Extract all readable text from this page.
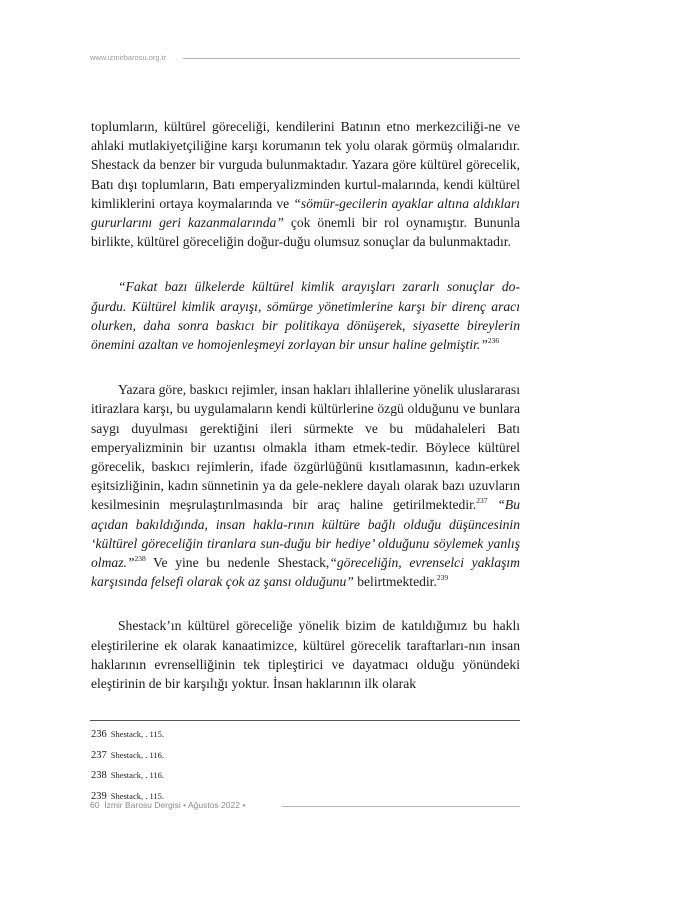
www.izmirbarosu.org.tr

toplumların, kültürel göreceliği, kendilerini Batının etno merkezciliği-ne ve ahlaki mutlakiyetçiliğine karşı korumanın tek yolu olarak görmüş olmalarıdır. Shestack da benzer bir vurguda bulunmaktadır. Yazara göre kültürel görecelik, Batı dışı toplumların, Batı emperyalizminden kurtul-malarında, kendi kültürel kimliklerini ortaya koymalarında ve “sömür-gecilerin ayaklar altına aldıkları gururlarını geri kazanmalarında” çok önemli bir rol oynamıştır. Bununla birlikte, kültürel göreceliğin doğur-duğu olumsuz sonuçlar da bulunmaktadır.

“Fakat bazı ülkelerde kültürel kimlik arayışları zararlı sonuçlar do-ğurdu. Kültürel kimlik arayışı, sömürge yönetimlerine karşı bir direnç aracı olurken, daha sonra baskıcı bir politikaya dönüşerek, siyasette bireylerin önemini azaltan ve homojenleşmeyi zorlayan bir unsur haline gelmiştir.”$^{236}$

Yazara göre, baskıcı rejimler, insan hakları ihlallerine yönelik uluslararası itirazlara karşı, bu uygulamaların kendi kültürlerine özgü olduğunu ve bunlara saygı duyulması gerektiğini ileri sürmekte ve bu müdahaleleri Batı emperyalizminin bir uzantısı olmakla itham etmek-tedir. Böylece kültürel görecelik, baskıcı rejimlerin, ifade özgürlüğünü kısıtlamasının, kadın-erkek eşitsizliğinin, kadın sünnetinin ya da gele-neklere dayalı olarak bazı uzuvların kesilmesinin meşrulaştırılmasında bir araç haline getirilmektedir.$^{237}$ “Bu açıdan bakıldığında, insan hakla-rının kültüre bağlı olduğu düşüncesinin ‘kültürel göreceliğin tiranlara sun-duğu bir hediye’ olduğunu söylemek yanlış olmaz.”$^{238}$ Ve yine bu nedenle Shestack,“göreceliğin, evrenselci yaklaşım karşısında felsefi olarak çok az şansı olduğunu” belirtmektedir.$^{239}$

Shestack’ın kültürel göreceliğe yönelik bizim de katıldığımız bu haklı eleştirilerine ek olarak kanaatimizce, kültürel görecelik taraftarları-nın insan haklarının evrenselliğinin tek tipleştirici ve dayatmacı olduğu yönündeki eleştirinin de bir karşılığı yoktur. İnsan haklarının ilk olarak

236 Shestack, . 115.
237 Shestack, . 116.
238 Shestack, . 116.
239 Shestack, . 115.
60 İzmir Barosu Dergisi • Ağustos 2022 •
